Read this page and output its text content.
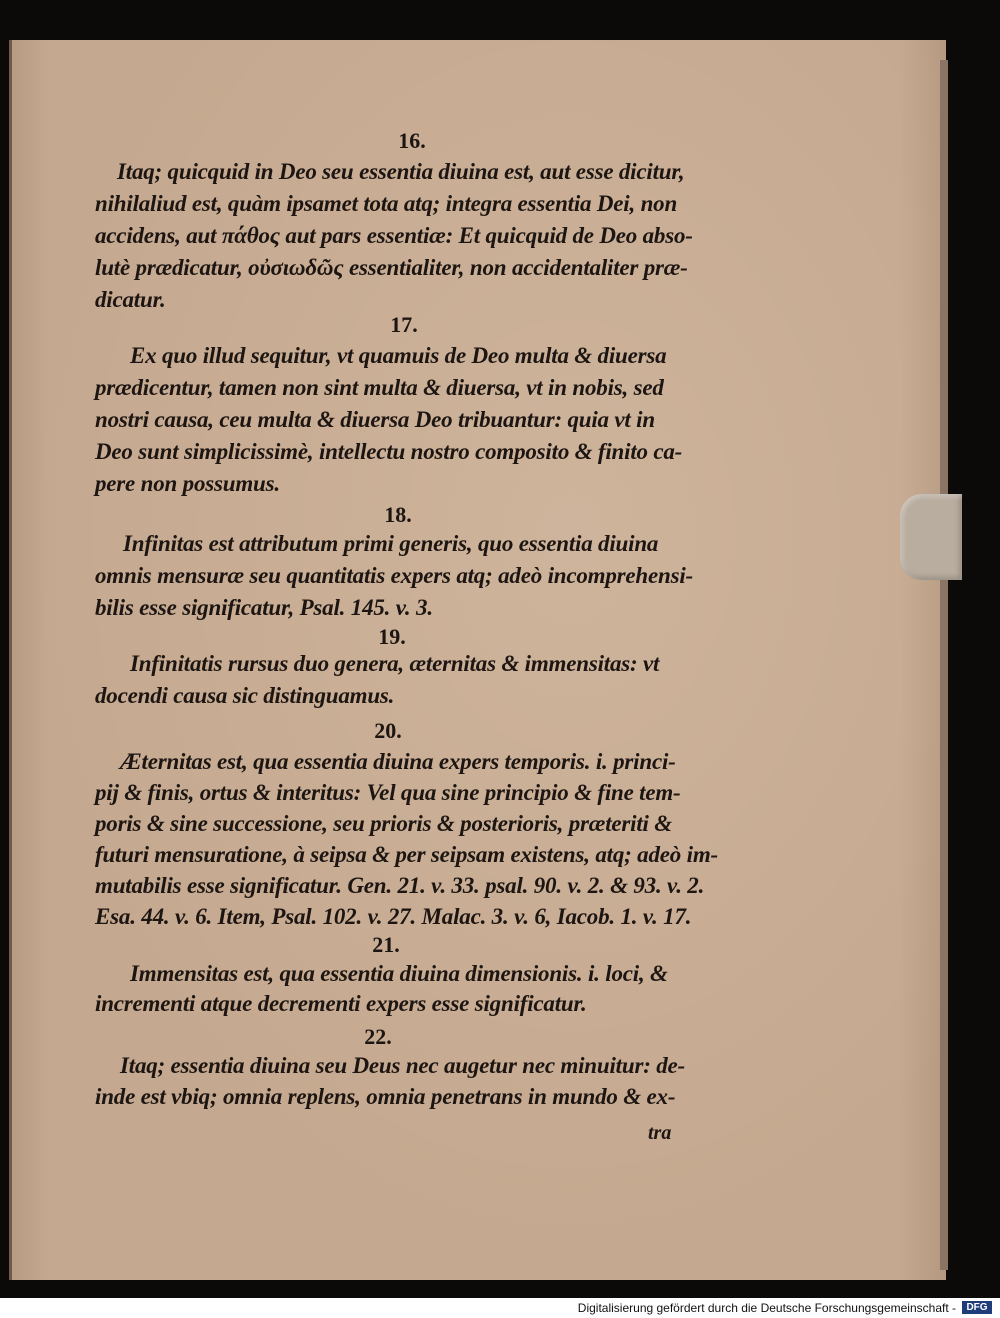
16.
Itaq; quicquid in Deo seu essentia diuina est, aut esse dicitur,
nihilaliud est, quàm ipsamet tota atq; integra essentia Dei, non
accidens, aut πάθος aut pars essentiæ: Et quicquid de Deo abso-
lutè prædicatur, οὐσιωδῶς essentialiter, non accidentaliter præ-
dicatur.
17.
Ex quo illud sequitur, vt quamuis de Deo multa & diuersa
prædicentur, tamen non sint multa & diuersa, vt in nobis, sed
nostri causa, ceu multa & diuersa Deo tribuantur: quia vt in
Deo sunt simplicissimè, intellectu nostro composito & finito ca-
pere non possumus.
18.
Infinitas est attributum primi generis, quo essentia diuina
omnis mensuræ seu quantitatis expers atq; adeò incomprehensi-
bilis esse significatur, Psal. 145. v. 3.
19.
Infinitatis rursus duo genera, æternitas & immensitas: vt
docendi causa sic distinguamus.
20.
Æternitas est, qua essentia diuina expers temporis. i. princi-
pij & finis, ortus & interitus: Vel qua sine principio & fine tem-
poris & sine successione, seu prioris & posterioris, præteriti &
futuri mensuratione, à seipsa & per seipsam existens, atq; adeò im-
mutabilis esse significatur. Gen. 21. v. 33. psal. 90. v. 2. & 93. v. 2.
Esa. 44. v. 6. Item, Psal. 102. v. 27. Malac. 3. v. 6, Iacob. 1. v. 17.
21.
Immensitas est, qua essentia diuina dimensionis. i. loci, &
incrementi atque decrementi expers esse significatur.
22.
Itaq; essentia diuina seu Deus nec augetur nec minuitur: de-
inde est vbiq; omnia replens, omnia penetrans in mundo & ex-
tra
Digitalisierung gefördert durch die Deutsche Forschungsgemeinschaft -	DFG
